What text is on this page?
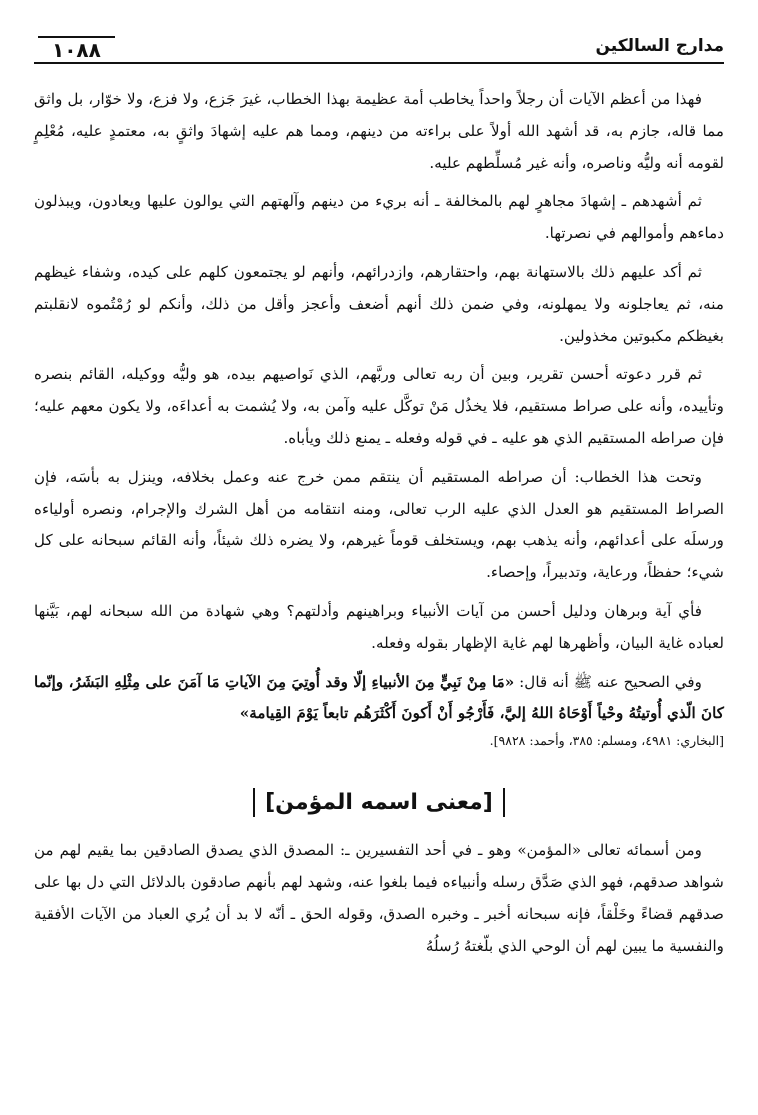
مدارج السالكين
١٠٨٨

فهذا من أعظم الآيات أن رجلاً واحداً يخاطب أمة عظيمة بهذا الخطاب، غيرَ جَزع، ولا فزع، ولا خوّار، بل واثق مما قاله، جازم به، قد أشهد الله أولاً على براءته من دينهم، ومما هم عليه إشهادَ واثقٍ به، معتمدٍ عليه، مُعْلِمٍ لقومه أنه وليُّه وناصره، وأنه غير مُسلِّطهم عليه.

ثم أشهدهم ـ إشهادَ مجاهرٍ لهم بالمخالفة ـ أنه بريء من دينهم وآلهتهم التي يوالون عليها ويعادون، ويبذلون دماءهم وأموالهم في نصرتها.

ثم أكد عليهم ذلك بالاستهانة بهم، واحتقارهم، وازدرائهم، وأنهم لو يجتمعون كلهم على كيده، وشفاء غيظهم منه، ثم يعاجلونه ولا يمهلونه، وفي ضمن ذلك أنهم أضعف وأعجز وأقل من ذلك، وأنكم لو رُمْتُموه لانقلبتم بغيظكم مكبوتين مخذولين.

ثم قرر دعوته أحسن تقرير، وبين أن ربه تعالى وربَّهم، الذي نَواصيهم بيده، هو وليُّه ووكيله، القائم بنصره وتأييده، وأنه على صراط مستقيم، فلا يخذُل مَنْ توكَّل عليه وآمن به، ولا يُشمت به أعداءَه، ولا يكون معهم عليه؛ فإن صراطه المستقيم الذي هو عليه ـ في قوله وفعله ـ يمنع ذلك ويأباه.

وتحت هذا الخطاب: أن صراطه المستقيم أن ينتقم ممن خرج عنه وعمل بخلافه، وينزل به بأسَه، فإن الصراط المستقيم هو العدل الذي عليه الرب تعالى، ومنه انتقامه من أهل الشرك والإجرام، ونصره أولياءه ورسلَه على أعدائهم، وأنه يذهب بهم، ويستخلف قوماً غيرهم، ولا يضره ذلك شيئاً، وأنه القائم سبحانه على كل شيء؛ حفظاً، ورعاية، وتدبيراً، وإحصاء.

فأي آية وبرهان ودليل أحسن من آيات الأنبياء وبراهينهم وأدلتهم؟ وهي شهادة من الله سبحانه لهم، بَيَّنها لعباده غاية البيان، وأظهرها لهم غاية الإظهار بقوله وفعله.

وفي الصحيح عنه ﷺ أنه قال: «مَا مِنْ نَبِيٍّ مِنَ الأنبياءِ إلّا وقد أُوتِيَ مِنَ الآياتِ مَا آمَنَ على مِثْلِهِ البَشَرُ، وإنّما كانَ الّذي أُوتيتُهُ وحْياً أَوْحَاهُ اللهُ إليَّ، فَأَرْجُو أَنْ أَكونَ أَكْثَرَهُم تابعاً يَوْمَ القِيامة»

[البخاري: ٤٩٨١، ومسلم: ٣٨٥، وأحمد: ٩٨٢٨].

[معنى اسمه المؤمن]

ومن أسمائه تعالى «المؤمن» وهو ـ في أحد التفسيرين ـ: المصدق الذي يصدق الصادقين بما يقيم لهم من شواهد صدقهم، فهو الذي صَدَّق رسله وأنبياءه فيما بلغوا عنه، وشهد لهم بأنهم صادقون بالدلائل التي دل بها على صدقهم قضاءً وخَلْقاً، فإنه سبحانه أخبر ـ وخبره الصدق، وقوله الحق ـ أنّه لا بد أن يُري العباد من الآيات الأفقية والنفسية ما يبين لهم أن الوحي الذي بلّغتهُ رُسلُهُ
